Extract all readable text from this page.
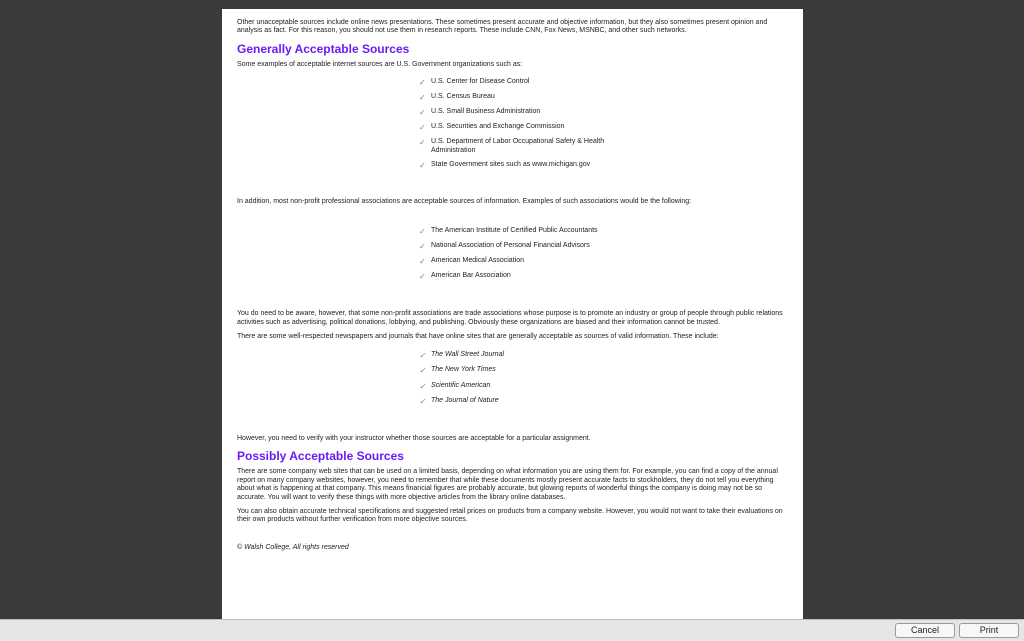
Other unacceptable sources include online news presentations. These sometimes present accurate and objective information, but they also sometimes present opinion and analysis as fact. For this reason, you should not use them in research reports. These include CNN, Fox News, MSNBC, and other such networks.

Generally Acceptable Sources

Some examples of acceptable internet sources are U.S. Government organizations such as:

✓ U.S. Center for Disease Control
✓ U.S. Census Bureau
✓ U.S. Small Business Administration
✓ U.S. Securities and Exchange Commission
✓ U.S. Department of Labor Occupational Safety & Health Administration
✓ State Government sites such as www.michigan.gov

In addition, most non-profit professional associations are acceptable sources of information. Examples of such associations would be the following:

✓ The American Institute of Certified Public Accountants
✓ National Association of Personal Financial Advisors
✓ American Medical Association
✓ American Bar Association

You do need to be aware, however, that some non-profit associations are trade associations whose purpose is to promote an industry or group of people through public relations activities such as advertising, political donations, lobbying, and publishing. Obviously these organizations are biased and their information cannot be trusted.

There are some well-respected newspapers and journals that have online sites that are generally acceptable as sources of valid information. These include:

✓ The Wall Street Journal
✓ The New York Times
✓ Scientific American
✓ The Journal of Nature

However, you need to verify with your instructor whether those sources are acceptable for a particular assignment.

Possibly Acceptable Sources

There are some company web sites that can be used on a limited basis, depending on what information you are using them for. For example, you can find a copy of the annual report on many company websites, however, you need to remember that while these documents mostly present accurate facts to stockholders, they do not tell you everything about what is happening at that company. This means financial figures are probably accurate, but glowing reports of wonderful things the company is doing may not be so accurate. You will want to verify these things with more objective articles from the library online databases.

You can also obtain accurate technical specifications and suggested retail prices on products from a company website. However, you would not want to take their evaluations on their own products without further verification from more objective sources.

© Walsh College, All rights reserved

Cancel	Print
